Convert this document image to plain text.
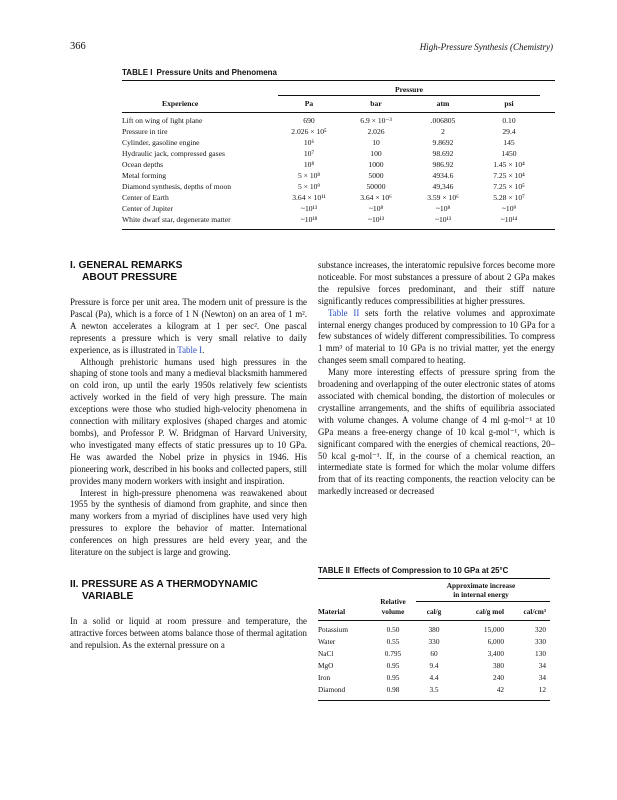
366	High-Pressure Synthesis (Chemistry)
TABLE I Pressure Units and Phenomena
Pressure
Experience	Pa	bar	atm	psi
Lift on wing of light plane	690	6.9 × 10⁻³	.006805	0.10
Pressure in tire	2.026 × 10⁵	2.026	2	29.4
Cylinder, gasoline engine	10⁶	10	9.8692	145
Hydraulic jack, compressed gases	10⁷	100	98.692	1450
Ocean depths	10⁸	1000	986.92	1.45 × 10⁴
Metal forming	5 × 10⁸	5000	4934.6	7.25 × 10⁴
Diamond synthesis, depths of moon	5 × 10⁹	50000	49,346	7.25 × 10⁵
Center of Earth	3.64 × 10¹¹	3.64 × 10⁶	3.59 × 10⁶	5.28 × 10⁷
Center of Jupiter	~10¹³	~10⁸	~10⁸	~10⁹
White dwarf star, degenerate matter	~10¹⁸	~10¹³	~10¹³	~10¹⁴
I. GENERAL REMARKS
ABOUT PRESSURE

Pressure is force per unit area. The modern unit of pressure is the Pascal (Pa), which is a force of 1 N (Newton) on an area of 1 m². A newton accelerates a kilogram at 1 per sec². One pascal represents a pressure which is very small relative to daily experience, as is illustrated in Table I.

Although prehistoric humans used high pressures in the shaping of stone tools and many a medieval blacksmith hammered on cold iron, up until the early 1950s relatively few scientists actively worked in the field of very high pressure. The main exceptions were those who studied high-velocity phenomena in connection with military explosives (shaped charges and atomic bombs), and Professor P. W. Bridgman of Harvard University, who investigated many effects of static pressures up to 10 GPa. He was awarded the Nobel prize in physics in 1946. His pioneering work, described in his books and collected papers, still provides many modern workers with insight and inspiration.

Interest in high-pressure phenomena was reawakened about 1955 by the synthesis of diamond from graphite, and since then many workers from a myriad of disciplines have used very high pressures to explore the behavior of matter. International conferences on high pressures are held every year, and the literature on the subject is large and growing.

II. PRESSURE AS A THERMODYNAMIC
VARIABLE

In a solid or liquid at room pressure and temperature, the attractive forces between atoms balance those of thermal agitation and repulsion. As the external pressure on a

substance increases, the interatomic repulsive forces become more noticeable. For most substances a pressure of about 2 GPa makes the repulsive forces predominant, and their stiff nature significantly reduces compressibilities at higher pressures.

Table II sets forth the relative volumes and approximate internal energy changes produced by compression to 10 GPa for a few substances of widely different compressibilities. To compress 1 mm³ of material to 10 GPa is no trivial matter, yet the energy changes seem small compared to heating.

Many more interesting effects of pressure spring from the broadening and overlapping of the outer electronic states of atoms associated with chemical bonding, the distortion of molecules or crystalline arrangements, and the shifts of equilibria associated with volume changes. A volume change of 4 ml g-mol⁻¹ at 10 GPa means a free-energy change of 10 kcal g-mol⁻¹, which is significant compared with the energies of chemical reactions, 20–50 kcal g-mol⁻¹. If, in the course of a chemical reaction, an intermediate state is formed for which the molar volume differs from that of its reacting components, the reaction velocity can be markedly increased or decreased

TABLE II Effects of Compression to 10 GPa at 25°C
Approximate increase
in internal energy
Relative
Material	volume	cal/g	cal/g mol	cal/cm³
Potassium	0.50	380	15,000	320
Water	0.55	330	6,000	330
NaCl	0.795	60	3,400	130
MgO	0.95	9.4	380	34
Iron	0.95	4.4	240	34
Diamond	0.98	3.5	42	12
